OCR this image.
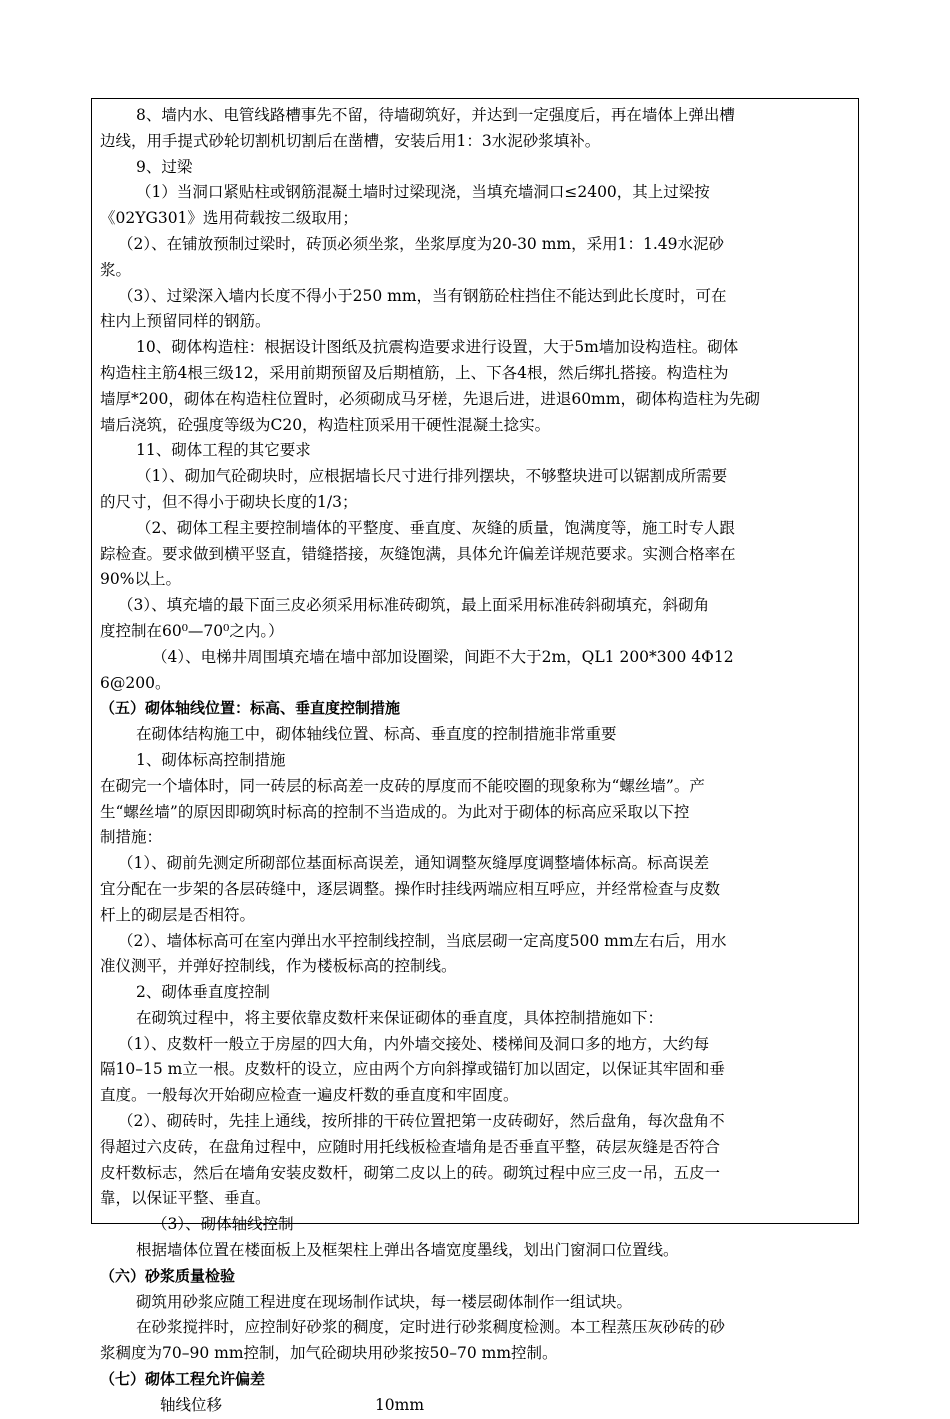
8、墙内水、电管线路槽事先不留，待墙砌筑好，并达到一定强度后，再在墙体上弹出槽
边线，用手提式砂轮切割机切割后在凿槽，安装后用1：3水泥砂浆填补。
9、过梁
（1）当洞口紧贴柱或钢筋混凝土墙时过梁现浇，当填充墙洞口≤2400，其上过梁按
《02YG301》选用荷载按二级取用；
（2）、在铺放预制过梁时，砖顶必须坐浆，坐浆厚度为20-30 mm，采用1：1.49水泥砂
浆。
（3）、过梁深入墙内长度不得小于250 mm，当有钢筋砼柱挡住不能达到此长度时，可在
柱内上预留同样的钢筋。
10、砌体构造柱：根据设计图纸及抗震构造要求进行设置，大于5m墙加设构造柱。砌体
构造柱主筋4根三级12，采用前期预留及后期植筋，上、下各4根，然后绑扎搭接。构造柱为
墙厚*200，砌体在构造柱位置时，必须砌成马牙槎，先退后进，进退60mm，砌体构造柱为先砌
墙后浇筑，砼强度等级为C20，构造柱顶采用干硬性混凝土捻实。
11、砌体工程的其它要求
（1）、砌加气砼砌块时，应根据墙长尺寸进行排列摆块，不够整块进可以锯割成所需要
的尺寸，但不得小于砌块长度的1/3；
（2、砌体工程主要控制墙体的平整度、垂直度、灰缝的质量，饱满度等，施工时专人跟
踪检查。要求做到横平竖直，错缝搭接，灰缝饱满，具体允许偏差详规范要求。实测合格率在
90%以上。
（3）、填充墙的最下面三皮必须采用标准砖砌筑，最上面采用标准砖斜砌填充，斜砌角
度控制在60⁰—70⁰之内。）
（4）、电梯井周围填充墙在墙中部加设圈梁，间距不大于2m，QL1 200*300 4Φ12
6@200。
（五）砌体轴线位置：标高、垂直度控制措施
在砌体结构施工中，砌体轴线位置、标高、垂直度的控制措施非常重要
1、砌体标高控制措施
在砌完一个墙体时，同一砖层的标高差一皮砖的厚度而不能咬圈的现象称为“螺丝墙”。产
生“螺丝墙”的原因即砌筑时标高的控制不当造成的。为此对于砌体的标高应采取以下控
制措施：
（1）、砌前先测定所砌部位基面标高误差，通知调整灰缝厚度调整墙体标高。标高误差
宜分配在一步架的各层砖缝中，逐层调整。操作时挂线两端应相互呼应，并经常检查与皮数
杆上的砌层是否相符。
（2）、墙体标高可在室内弹出水平控制线控制，当底层砌一定高度500 mm左右后，用水
准仪测平，并弹好控制线，作为楼板标高的控制线。
2、砌体垂直度控制
在砌筑过程中，将主要依靠皮数杆来保证砌体的垂直度，具体控制措施如下：
（1）、皮数杆一般立于房屋的四大角，内外墙交接处、楼梯间及洞口多的地方，大约每
隔10–15 m立一根。皮数杆的设立，应由两个方向斜撑或锚钉加以固定，以保证其牢固和垂
直度。一般每次开始砌应检查一遍皮杆数的垂直度和牢固度。
（2）、砌砖时，先挂上通线，按所排的干砖位置把第一皮砖砌好，然后盘角，每次盘角不
得超过六皮砖，在盘角过程中，应随时用托线板检查墙角是否垂直平整，砖层灰缝是否符合
皮杆数标志，然后在墙角安装皮数杆，砌第二皮以上的砖。砌筑过程中应三皮一吊，五皮一
靠，以保证平整、垂直。
（3）、砌体轴线控制
根据墙体位置在楼面板上及框架柱上弹出各墙宽度墨线，划出门窗洞口位置线。
（六）砂浆质量检验
砌筑用砂浆应随工程进度在现场制作试块，每一楼层砌体制作一组试块。
在砂浆搅拌时，应控制好砂浆的稠度，定时进行砂浆稠度检测。本工程蒸压灰砂砖的砂
浆稠度为70–90 mm控制，加气砼砌块用砂浆按50–70 mm控制。
（七）砌体工程允许偏差
轴线位移	10mm
